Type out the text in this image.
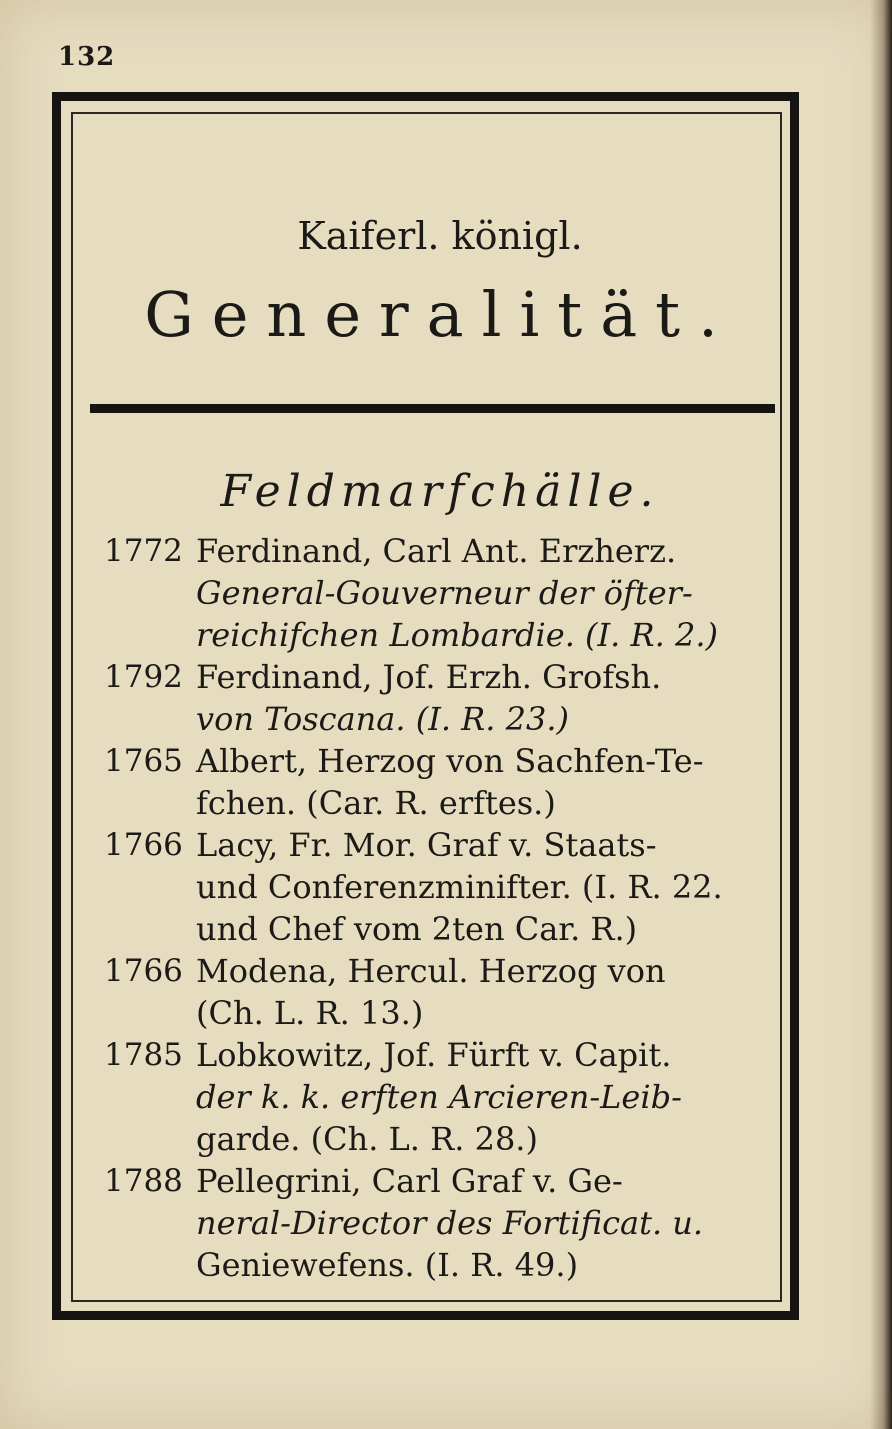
132
Kaiferl. königl.
Generalität.
Feldmarfchälle.
1772 Ferdinand, Carl Ant. Erzherz.
General-Gouverneur der öfter-
reichifchen Lombardie. (I. R. 2.)
1792 Ferdinand, Jof. Erzh. Grofsh.
von Toscana. (I. R. 23.)
1765 Albert, Herzog von Sachfen-Te-
fchen. (Car. R. erftes.)
1766 Lacy, Fr. Mor. Graf v. Staats-
und Conferenzminifter. (I. R. 22.
und Chef vom 2ten Car. R.)
1766 Modena, Hercul. Herzog von
(Ch. L. R. 13.)
1785 Lobkowitz, Jof. Fürft v. Capit.
der k. k. erften Arcieren-Leib-
garde. (Ch. L. R. 28.)
1788 Pellegrini, Carl Graf v. Ge-
neral-Director des Fortificat. u.
Geniewefens. (I. R. 49.)
